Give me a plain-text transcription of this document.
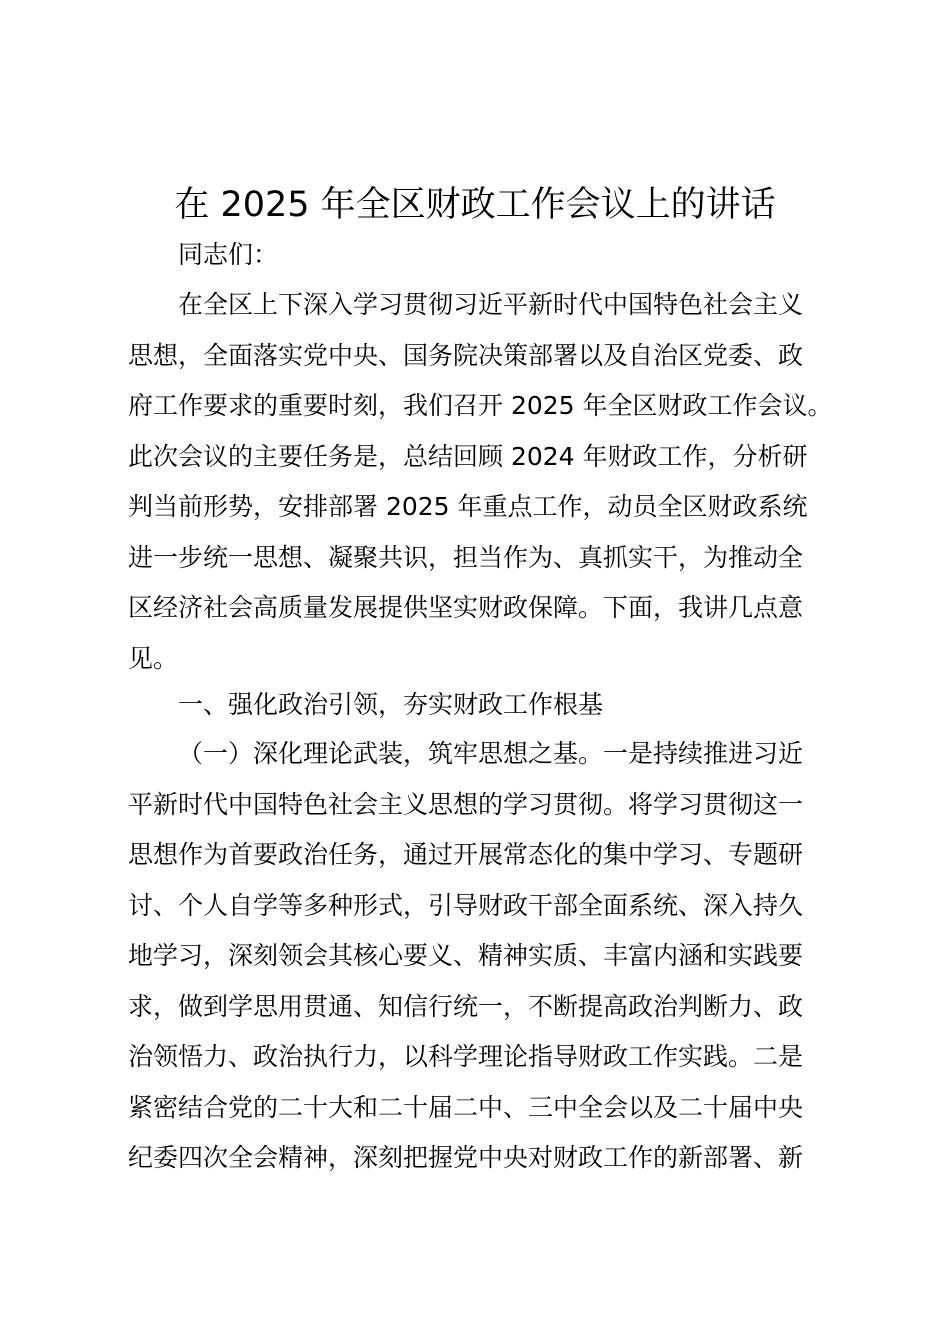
在 2025 年全区财政工作会议上的讲话

同志们：

在全区上下深入学习贯彻习近平新时代中国特色社会主义
思想，全面落实党中央、国务院决策部署以及自治区党委、政
府工作要求的重要时刻，我们召开 2025 年全区财政工作会议。
此次会议的主要任务是，总结回顾 2024 年财政工作，分析研
判当前形势，安排部署 2025 年重点工作，动员全区财政系统
进一步统一思想、凝聚共识，担当作为、真抓实干，为推动全
区经济社会高质量发展提供坚实财政保障。下面，我讲几点意
见。
一、强化政治引领，夯实财政工作根基
（一）深化理论武装，筑牢思想之基。一是持续推进习近
平新时代中国特色社会主义思想的学习贯彻。将学习贯彻这一
思想作为首要政治任务，通过开展常态化的集中学习、专题研
讨、个人自学等多种形式，引导财政干部全面系统、深入持久
地学习，深刻领会其核心要义、精神实质、丰富内涵和实践要
求，做到学思用贯通、知信行统一，不断提高政治判断力、政
治领悟力、政治执行力，以科学理论指导财政工作实践。二是
紧密结合党的二十大和二十届二中、三中全会以及二十届中央
纪委四次全会精神，深刻把握党中央对财政工作的新部署、新
